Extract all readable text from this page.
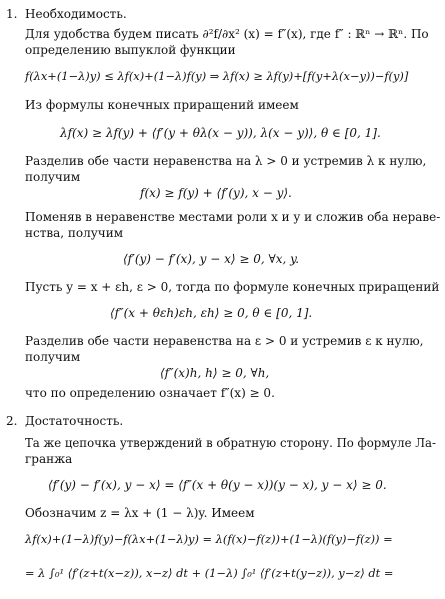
1. Необходимость.
Для удобства будем писать ∂²f/∂x² (x) = f″(x), где f″ : ℝⁿ → ℝⁿ. По
определению выпуклой функции
f(λx+(1−λ)y) ≤ λf(x)+(1−λ)f(y) ⇒ λf(x) ≥ λf(y)+[f(y+λ(x−y))−f(y)]
Из формулы конечных приращений имеем
λf(x) ≥ λf(y) + ⟨f′(y + θλ(x − y)), λ(x − y)⟩, θ ∈ [0, 1].
Разделив обе части неравенства на λ > 0 и устремив λ к нулю,
получим
f(x) ≥ f(y) + ⟨f′(y), x − y⟩.
Поменяв в неравенстве местами роли x и y и сложив оба нераве-
нства, получим
⟨f′(y) − f′(x), y − x⟩ ≥ 0, ∀x, y.
Пусть y = x + εh, ε > 0, тогда по формуле конечных приращений
⟨f″(x + θεh)εh, εh⟩ ≥ 0, θ ∈ [0, 1].
Разделив обе части неравенства на ε > 0 и устремив ε к нулю,
получим
⟨f″(x)h, h⟩ ≥ 0, ∀h,
что по определению означает f″(x) ≥ 0.
2. Достаточность.
Та же цепочка утверждений в обратную сторону. По формуле Ла-
гранжа
⟨f′(y) − f′(x), y − x⟩ = ⟨f″(x + θ(y − x))(y − x), y − x⟩ ≥ 0.
Обозначим z = λx + (1 − λ)y. Имеем
λf(x)+(1−λ)f(y)−f(λx+(1−λ)y) = λ(f(x)−f(z))+(1−λ)(f(y)−f(z)) =
= λ ∫₀¹ ⟨f′(z+t(x−z)), x−z⟩ dt + (1−λ) ∫₀¹ ⟨f′(z+t(y−z)), y−z⟩ dt =
